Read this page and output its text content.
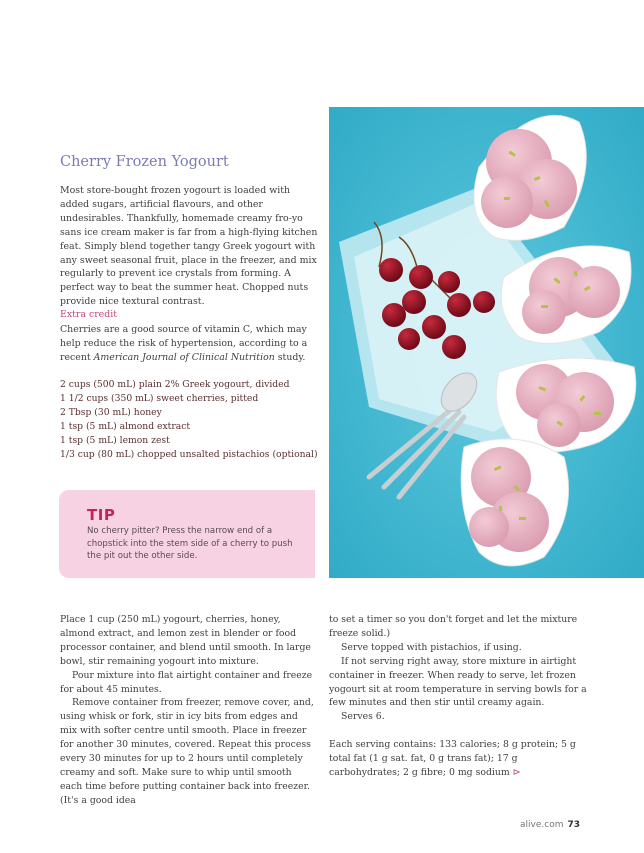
Cherry Frozen Yogourt
Most store-bought frozen yogourt is loaded with added sugars, artificial flavours, and other undesirables. Thankfully, homemade creamy fro-yo sans ice cream maker is far from a high-flying kitchen feat. Simply blend together tangy Greek yogourt with any sweet seasonal fruit, place in the freezer, and mix regularly to prevent ice crystals from forming. A perfect way to beat the summer heat. Chopped nuts provide nice textural contrast.
Extra credit
Cherries are a good source of vitamin C, which may help reduce the risk of hypertension, according to a recent American Journal of Clinical Nutrition study.
2 cups (500 mL) plain 2% Greek yogourt, divided
1 1/2 cups (350 mL) sweet cherries, pitted
2 Tbsp (30 mL) honey
1 tsp (5 mL) almond extract
1 tsp (5 mL) lemon zest
1/3 cup (80 mL) chopped unsalted pistachios (optional)
TIP
No cherry pitter? Press the narrow end of a chopstick into the stem side of a cherry to push the pit out the other side.

Place 1 cup (250 mL) yogourt, cherries, honey, almond extract, and lemon zest in blender or food processor container, and blend until smooth. In large bowl, stir remaining yogourt into mixture.

Pour mixture into flat airtight container and freeze for about 45 minutes.

Remove container from freezer, remove cover, and, using whisk or fork, stir in icy bits from edges and mix with softer centre until smooth. Place in freezer for another 30 minutes, covered. Repeat this process every 30 minutes for up to 2 hours until completely creamy and soft. Make sure to whip until smooth each time before putting container back into freezer. (It's a good idea

to set a timer so you don't forget and let the mixture freeze solid.)

Serve topped with pistachios, if using.

If not serving right away, store mixture in airtight container in freezer. When ready to serve, let frozen yogourt sit at room temperature in serving bowls for a few minutes and then stir until creamy again.

Serves 6.

Each serving contains: 133 calories; 8 g protein; 5 g total fat (1 g sat. fat, 0 g trans fat); 17 g carbohydrates; 2 g fibre; 0 mg sodium ⊳

alive.com 73
